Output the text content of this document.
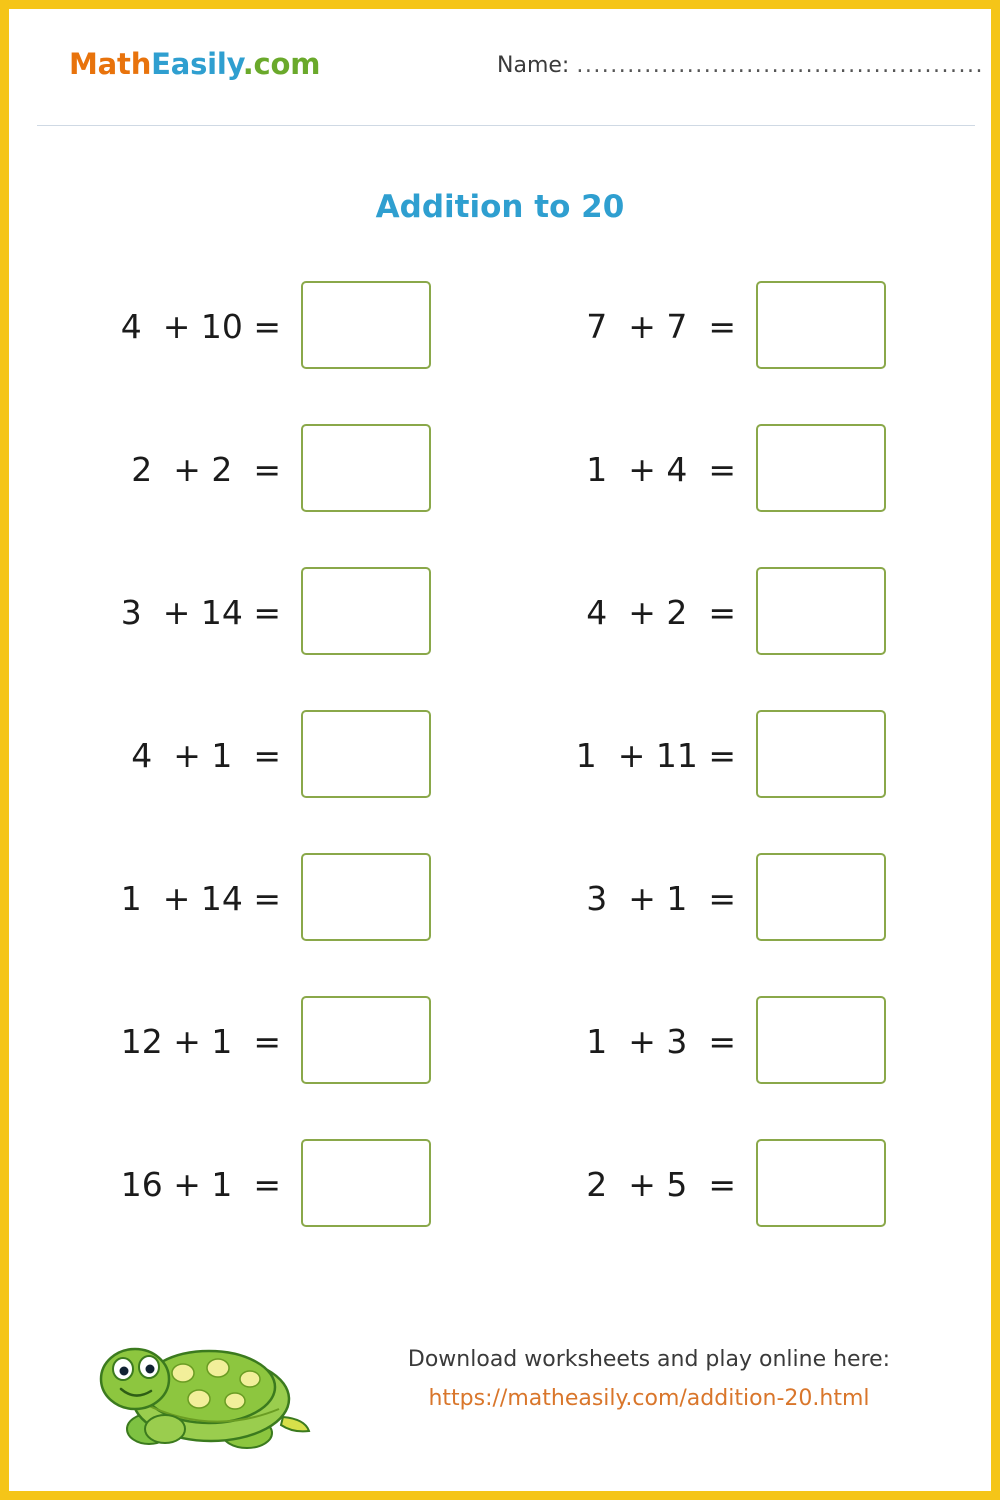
MathEasily.com	Name: ................................................
Addition to 20
4  + 10 =
2  + 2  =
3  + 14 =
4  + 1  =
1  + 14 =
12 + 1  =
16 + 1  =
7  + 7  =
1  + 4  =
4  + 2  =
1  + 11 =
3  + 1  =
1  + 3  =
2  + 5  =
Download worksheets and play online here:
https://matheasily.com/addition-20.html
